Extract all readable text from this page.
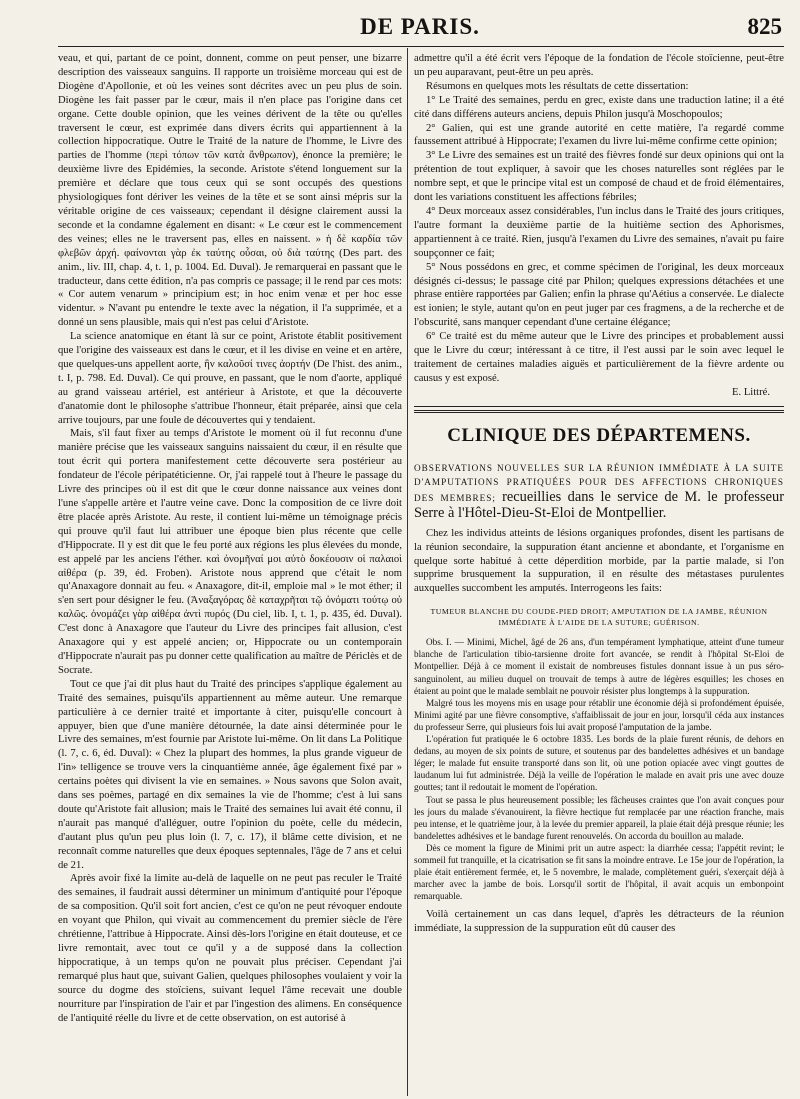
DE PARIS.	825

veau, et qui, partant de ce point, donnent, comme on peut penser, une bizarre description des vaisseaux sanguins. Il rapporte un troisième morceau qui est de Diogène d'Apollonie, et où les veines sont décrites avec un peu plus de soin. Diogène les fait passer par le cœur, mais il n'en place pas l'origine dans cet organe. Cette double opinion, que les veines dérivent de la tête ou qu'elles traversent le cœur, est exprimée dans divers écrits qui appartiennent à la collection hippocratique. Outre le Traité de la nature de l'homme, le Livre des parties de l'homme (περὶ τόπων τῶν κατὰ ἄνθρωπον), énonce la première; le deuxième livre des Epidémies, la seconde. Aristote s'étend longuement sur la première et déclare que tous ceux qui se sont occupés des questions physiologiques font dériver les veines de la tête et se sont ainsi mépris sur la véritable origine de ces vaisseaux; cependant il désigne clairement aussi la seconde et la condamne également en disant: « Le cœur est le commencement des veines; elles ne le traversent pas, elles en naissent. » ἡ δὲ καρδία τῶν φλεβῶν ἀρχή. φαίνονται γὰρ ἐκ ταύτης οὖσαι, οὐ διὰ ταύτης (Des part. des anim., liv. III, chap. 4, t. 1, p. 1004. Ed. Duval). Je remarquerai en passant que le traducteur, dans cette édition, n'a pas compris ce passage; il le rend par ces mots: « Cor autem venarum » principium est; in hoc enim venæ et per hoc esse videntur. » N'avant pu entendre le texte avec la négation, il l'a supprimée, et a donné un sens plausible, mais qui n'est pas celui d'Aristote.

La science anatomique en étant là sur ce point, Aristote établit positivement que l'origine des vaisseaux est dans le cœur, et il les divise en veine et en artère, que quelques-uns appellent aorte, ἣν καλοῦσί τινες ἀορτήν (De l'hist. des anim., t. I, p. 798. Ed. Duval). Ce qui prouve, en passant, que le nom d'aorte, appliqué au grand vaisseau artériel, est antérieur à Aristote, et que la découverte d'anatomie dont le philosophe s'attribue l'honneur, était préparée, ainsi que cela arrive toujours, par une foule de découvertes qui y tendaient.

Mais, s'il faut fixer au temps d'Aristote le moment où il fut reconnu d'une manière précise que les vaisseaux sanguins naissaient du cœur, il en résulte que tout écrit qui portera manifestement cette découverte sera postérieur au fondateur de l'école péripatéticienne. Or, j'ai rappelé tout à l'heure le passage du Livre des principes où il est dit que le cœur donne naissance aux veines dont l'une s'appelle artère et l'autre veine cave. Donc la composition de ce livre doit être placée après Aristote. Au reste, il contient lui-même un témoignage précis qui prouve qu'il faut lui attribuer une époque bien plus récente que celle d'Hippocrate. Il y est dit que le feu porté aux régions les plus élevées du monde, est appelé par les anciens l'éther. καὶ ὀνομῆναί μοι αὐτὸ δοκέουσιν οἱ παλαιοὶ αἰθέρα (p. 39, éd. Froben). Aristote nous apprend que c'était le nom qu'Anaxagore donnait au feu. « Anaxagore, dit-il, emploie mal » le mot éther; il s'en sert pour désigner le feu. (Ἀναξαγόρας δὲ καταχρῆται τῷ ὀνόματι τούτῳ οὐ καλῶς. ὀνομάζει γὰρ αἰθέρα ἀντὶ πυρός (Du ciel, lib. I, t. 1, p. 435, éd. Duval). C'est donc à Anaxagore que l'auteur du Livre des principes fait allusion, c'est Anaxagore qui y est appelé ancien; or, Hippocrate ou un contemporain d'Hippocrate n'aurait pas pu donner cette qualification au maître de Périclès et de Socrate.

Tout ce que j'ai dit plus haut du Traité des principes s'applique également au Traité des semaines, puisqu'ils appartiennent au même auteur. Une remarque particulière à ce dernier traité et importante à citer, puisqu'elle concourt à appuyer, bien que d'une manière détournée, la date ainsi déterminée pour le Livre des semaines, m'est fournie par Aristote lui-même. On lit dans La Politique (l. 7, c. 6, éd. Duval): « Chez la plupart des hommes, la plus grande vigueur de l'in» telligence se trouve vers la cinquantième année, âge également fixé par » certains poètes qui divisent la vie en semaines. » Nous savons que Solon avait, dans ses poèmes, partagé en dix semaines la vie de l'homme; c'est à lui sans doute qu'Aristote fait allusion; mais le Traité des semaines lui avait été connu, il n'aurait pas manqué d'alléguer, outre l'opinion du poète, celle du médecin, d'autant plus qu'un peu plus loin (l. 7, c. 17), il blâme cette division, et ne reconnaît comme naturelles que deux époques septennales, l'âge de 7 ans et celui de 21.

Après avoir fixé la limite au-delà de laquelle on ne peut pas reculer le Traité des semaines, il faudrait aussi déterminer un minimum d'antiquité pour l'époque de sa composition. Qu'il soit fort ancien, c'est ce qu'on ne peut révoquer endoute en voyant que Philon, qui vivait au commencement du premier siècle de l'ère chrétienne, l'attribue à Hippocrate. Ainsi dès-lors l'origine en était douteuse, et ce livre remontait, avec tout ce qu'il y a de supposé dans la collection hippocratique, à un temps qu'on ne pouvait plus préciser. Cependant j'ai remarqué plus haut que, suivant Galien, quelques philosophes voulaient y voir la source du dogme des stoïciens, suivant lequel l'âme recevait une double nourriture par l'inspiration de l'air et par l'ingestion des alimens. En conséquence de l'antiquité réelle du livre et de cette observation, on est autorisé à

admettre qu'il a été écrit vers l'époque de la fondation de l'école stoïcienne, peut-être un peu auparavant, peut-être un peu après.

Résumons en quelques mots les résultats de cette dissertation:

1° Le Traité des semaines, perdu en grec, existe dans une traduction latine; il a été cité dans différens auteurs anciens, depuis Philon jusqu'à Moschopoulos;

2° Galien, qui est une grande autorité en cette matière, l'a regardé comme faussement attribué à Hippocrate; l'examen du livre lui-même confirme cette opinion;

3° Le Livre des semaines est un traité des fièvres fondé sur deux opinions qui ont la prétention de tout expliquer, à savoir que les choses naturelles sont réglées par le nombre sept, et que le principe vital est un composé de chaud et de froid élémentaires, dont les variations constituent les affections fébriles;

4° Deux morceaux assez considérables, l'un inclus dans le Traité des jours critiques, l'autre formant la deuxième partie de la huitième section des Aphorismes, appartiennent à ce traité. Rien, jusqu'à l'examen du Livre des semaines, n'avait pu faire soupçonner ce fait;

5° Nous possédons en grec, et comme spécimen de l'original, les deux morceaux désignés ci-dessus; le passage cité par Philon; quelques expressions détachées et une phrase entière rapportées par Galien; enfin la phrase qu'Aétius a conservée. Le dialecte est ionien; le style, autant qu'on en peut juger par ces fragmens, a de la recherche et de l'obscurité, sans manquer cependant d'une certaine élégance;

6° Ce traité est du même auteur que le Livre des principes et probablement aussi que le Livre du cœur; intéressant à ce titre, il l'est aussi par le soin avec lequel le traitement de certaines maladies aiguës et particulièrement de la fièvre ardente ou causus y est exposé.

E. Littré.
CLINIQUE DES DÉPARTEMENS.

OBSERVATIONS NOUVELLES SUR LA RÉUNION IMMÉDIATE À LA SUITE D'AMPUTATIONS PRATIQUÉES POUR DES AFFECTIONS CHRONIQUES DES MEMBRES; recueillies dans le service de M. le professeur Serre à l'Hôtel-Dieu-St-Eloi de Montpellier.

Chez les individus atteints de lésions organiques profondes, disent les partisans de la réunion secondaire, la suppuration étant ancienne et abondante, et l'organisme en quelque sorte habitué à cette déperdition morbide, par la partie malade, si l'on supprime brusquement la suppuration, il en résulte des métastases purulentes auxquelles succombent les amputés. Interrogeons les faits:

TUMEUR BLANCHE DU COUDE-PIED DROIT; AMPUTATION DE LA JAMBE, RÉUNION IMMÉDIATE À L'AIDE DE LA SUTURE; GUÉRISON.

Obs. I. — Minimi, Michel, âgé de 26 ans, d'un tempérament lymphatique, atteint d'une tumeur blanche de l'articulation tibio-tarsienne droite fort avancée, se rendit à l'hôpital St-Eloi de Montpellier. Déjà à ce moment il existait de nombreuses fistules donnant issue à un pus séro-sanguinolent, au milieu duquel on trouvait de temps à autre de légères esquilles; les choses en étaient au point que le malade semblait ne pouvoir résister plus longtemps à la suppuration.

Malgré tous les moyens mis en usage pour rétablir une économie déjà si profondément épuisée, Minimi agité par une fièvre consomptive, s'affaiblissait de jour en jour, lorsqu'il céda aux instances du professeur Serre, qui plusieurs fois lui avait proposé l'amputation de la jambe.

L'opération fut pratiquée le 6 octobre 1835. Les bords de la plaie furent réunis, de dehors en dedans, au moyen de six points de suture, et soutenus par des bandelettes adhésives et un bandage léger; le malade fut ensuite transporté dans son lit, où une potion opiacée avec vingt gouttes de laudanum lui fut administrée. Déjà la veille de l'opération le malade en avait pris une avec douze gouttes; tant il redoutait le moment de l'opération.

Tout se passa le plus heureusement possible; les fâcheuses craintes que l'on avait conçues pour les jours du malade s'évanouirent, la fièvre hectique fut remplacée par une réaction franche, mais peu intense, et le quatrième jour, à la levée du premier appareil, la plaie était déjà presque réunie; les bandelettes adhésives et le bandage furent renouvelés. On accorda du bouillon au malade.

Dès ce moment la figure de Minimi prit un autre aspect: la diarrhée cessa; l'appétit revint; le sommeil fut tranquille, et la cicatrisation se fit sans la moindre entrave. Le 15e jour de l'opération, la plaie était entièrement fermée, et, le 5 novembre, le malade, complètement guéri, s'exerçait déjà à marcher avec la jambe de bois. Lorsqu'il sortit de l'hôpital, il avait acquis un embonpoint remarquable.

Voilà certainement un cas dans lequel, d'après les détracteurs de la réunion immédiate, la suppression de la suppuration eût dû causer des
